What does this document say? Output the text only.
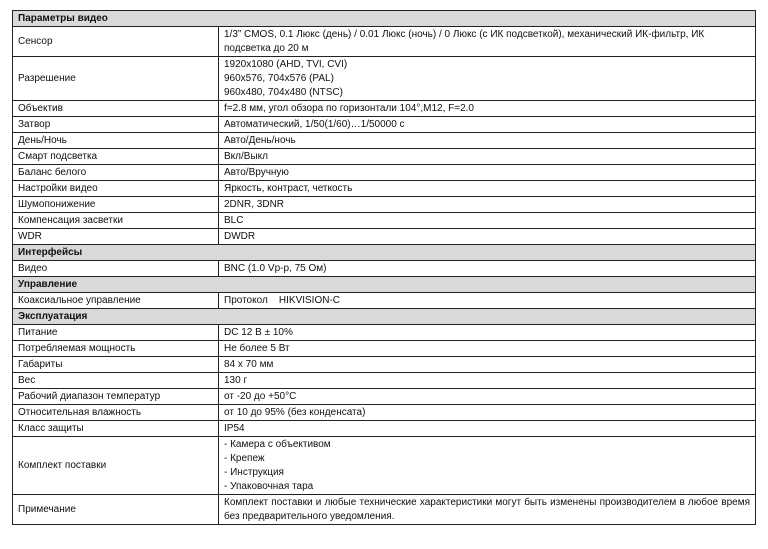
Параметры видео	
Сенсор	1/3” CMOS, 0.1 Люкс (день) / 0.01 Люкс (ночь) / 0 Люкс (с ИК подсветкой), механический ИК-фильтр, ИК подсветка до 20 м
Разрешение	1920x1080 (AHD, TVI, CVI)
960x576, 704x576 (PAL)
960x480, 704x480 (NTSC)

Объектив	f=2.8 мм, угол обзора по горизонтали 104°,M12, F=2.0
Затвор	Автоматический, 1/50(1/60)…1/50000 с
День/Ночь	Авто/День/ночь
Смарт подсветка	Вкл/Выкл
Баланс белого	Авто/Вручную
Настройки видео	Яркость, контраст, четкость
Шумопонижение	2DNR, 3DNR
Компенсация засветки	BLC
WDR	DWDR
Интерфейсы	
Видео	BNC (1.0 Vp-p, 75 Ом)
Управление	
Коаксиальное управление	Протокол    HIKVISION-C
Эксплуатация	
Питание	DC 12 В ± 10%
Потребляемая мощность	Не более 5 Вт
Габариты	84 х 70 мм
Вес	130 г
Рабочий диапазон температур	от -20 до +50°C
Относительная влажность	от 10 до 95% (без конденсата)
Класс защиты	IP54
Комплект поставки	- Камера с объективом
- Крепеж
- Инструкция
- Упаковочная тара

Примечание	Комплект поставки и любые технические характеристики могут быть изменены производителем в любое время без предварительного уведомления.
